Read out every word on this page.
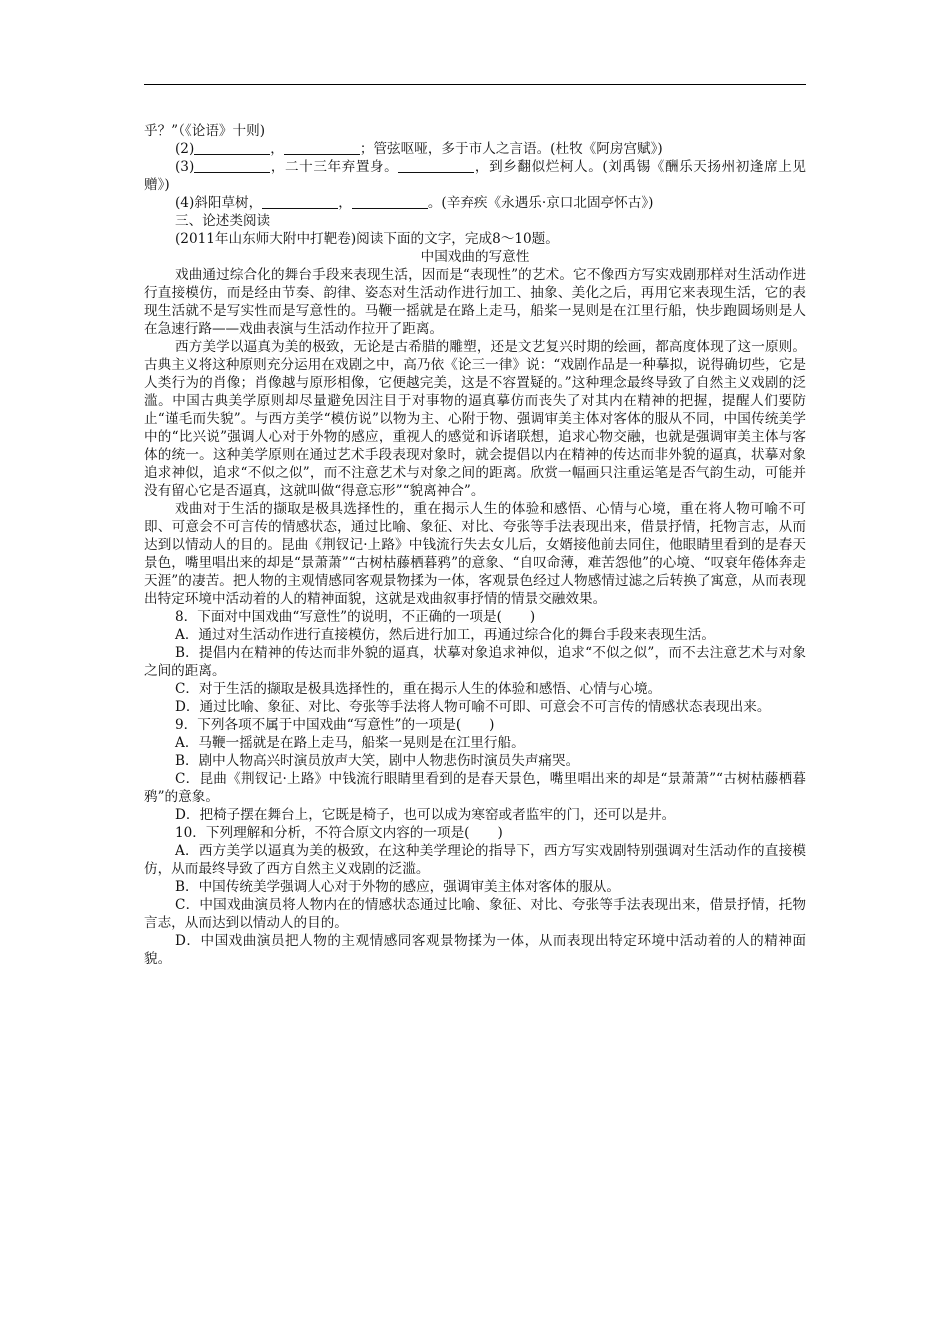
乎？”（《论语》十则)

(2)	，	；管弦呕哑，多于市人之言语。(杜牧《阿房宫赋》)

(3)	，二十三年弃置身。	，到乡翻似烂柯人。(刘禹锡《酬乐天扬州初逢席上见赠》)

(4)斜阳草树，	，	。(辛弃疾《永遇乐·京口北固亭怀古》)

三、论述类阅读

(2011年山东师大附中打靶卷)阅读下面的文字，完成8～10题。

中国戏曲的写意性

戏曲通过综合化的舞台手段来表现生活，因而是“表现性”的艺术。它不像西方写实戏剧那样对生活动作进行直接模仿，而是经由节奏、韵律、姿态对生活动作进行加工、抽象、美化之后，再用它来表现生活，它的表现生活就不是写实性而是写意性的。马鞭一摇就是在路上走马，船桨一晃则是在江里行船，快步跑圆场则是人在急速行路——戏曲表演与生活动作拉开了距离。

西方美学以逼真为美的极致，无论是古希腊的雕塑，还是文艺复兴时期的绘画，都高度体现了这一原则。古典主义将这种原则充分运用在戏剧之中，高乃依《论三一律》说：“戏剧作品是一种摹拟，说得确切些，它是人类行为的肖像；肖像越与原形相像，它便越完美，这是不容置疑的。”这种理念最终导致了自然主义戏剧的泛滥。中国古典美学原则却尽量避免因注目于对事物的逼真摹仿而丧失了对其内在精神的把握，提醒人们要防止“谨毛而失貌”。与西方美学“模仿说”以物为主、心附于物、强调审美主体对客体的服从不同，中国传统美学中的“比兴说”强调人心对于外物的感应，重视人的感觉和诉诸联想，追求心物交融，也就是强调审美主体与客体的统一。这种美学原则在通过艺术手段表现对象时，就会提倡以内在精神的传达而非外貌的逼真，状摹对象追求神似，追求“不似之似”，而不注意艺术与对象之间的距离。欣赏一幅画只注重运笔是否气韵生动，可能并没有留心它是否逼真，这就叫做“得意忘形”“貌离神合”。

戏曲对于生活的撷取是极具选择性的，重在揭示人生的体验和感悟、心情与心境，重在将人物可喻不可即、可意会不可言传的情感状态，通过比喻、象征、对比、夸张等手法表现出来，借景抒情，托物言志，从而达到以情动人的目的。昆曲《荆钗记·上路》中钱流行失去女儿后，女婿接他前去同住，他眼睛里看到的是春天景色，嘴里唱出来的却是“景萧萧”“古树枯藤栖暮鸦”的意象、“自叹命薄，难苦怨他”的心境、“叹衰年倦体奔走天涯”的凄苦。把人物的主观情感同客观景物揉为一体，客观景色经过人物感情过滤之后转换了寓意，从而表现出特定环境中活动着的人的精神面貌，这就是戏曲叙事抒情的情景交融效果。

8．下面对中国戏曲“写意性”的说明，不正确的一项是( )

A．通过对生活动作进行直接模仿，然后进行加工，再通过综合化的舞台手段来表现生活。

B．提倡内在精神的传达而非外貌的逼真，状摹对象追求神似，追求“不似之似”，而不去注意艺术与对象之间的距离。

C．对于生活的撷取是极具选择性的，重在揭示人生的体验和感悟、心情与心境。

D．通过比喻、象征、对比、夸张等手法将人物可喻不可即、可意会不可言传的情感状态表现出来。

9．下列各项不属于中国戏曲“写意性”的一项是( )

A．马鞭一摇就是在路上走马，船桨一晃则是在江里行船。

B．剧中人物高兴时演员放声大笑，剧中人物悲伤时演员失声痛哭。

C．昆曲《荆钗记·上路》中钱流行眼睛里看到的是春天景色，嘴里唱出来的却是“景萧萧”“古树枯藤栖暮鸦”的意象。

D．把椅子摆在舞台上，它既是椅子，也可以成为寒窑或者监牢的门，还可以是井。

10．下列理解和分析，不符合原文内容的一项是( )

A．西方美学以逼真为美的极致，在这种美学理论的指导下，西方写实戏剧特别强调对生活动作的直接模仿，从而最终导致了西方自然主义戏剧的泛滥。

B．中国传统美学强调人心对于外物的感应，强调审美主体对客体的服从。

C．中国戏曲演员将人物内在的情感状态通过比喻、象征、对比、夸张等手法表现出来，借景抒情，托物言志，从而达到以情动人的目的。

D．中国戏曲演员把人物的主观情感同客观景物揉为一体，从而表现出特定环境中活动着的人的精神面貌。
